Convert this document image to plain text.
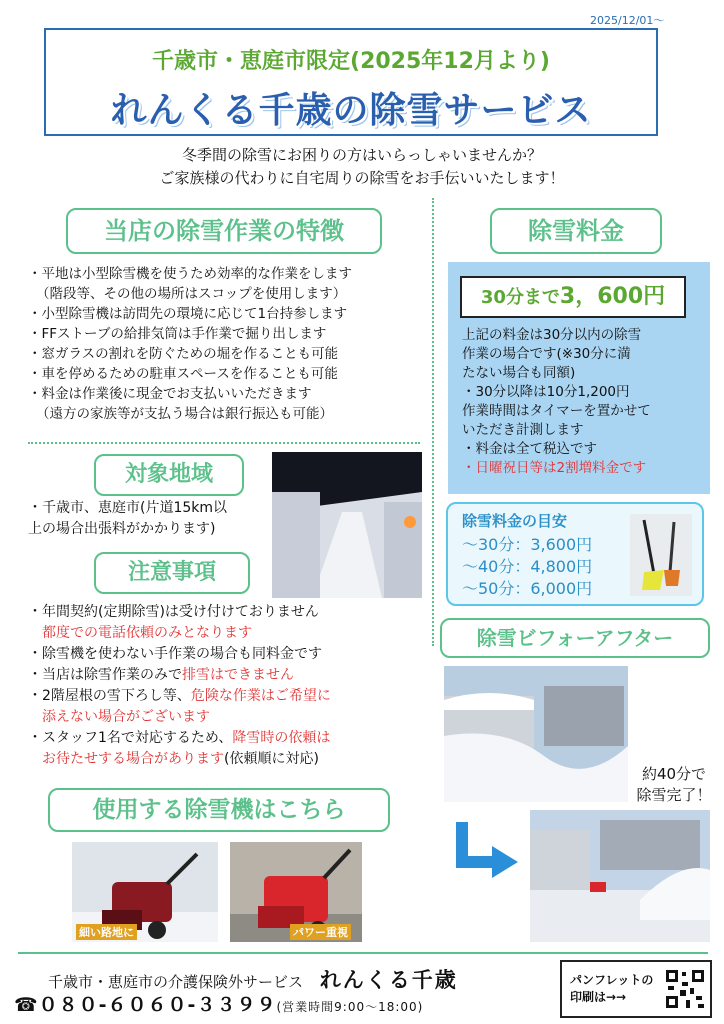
2025/12/01～
千歳市・恵庭市限定(2025年12月より)
れんくる千歳の除雪サービス
冬季間の除雪にお困りの方はいらっしゃいませんか？
ご家族様の代わりに自宅周りの除雪をお手伝いいたします！
当店の除雪作業の特徴
・平地は小型除雪機を使うため効率的な作業をします
（階段等、その他の場所はスコップを使用します）
・小型除雪機は訪問先の環境に応じて1台持参します
・FFストーブの給排気筒は手作業で掘り出します
・窓ガラスの割れを防ぐための堀を作ることも可能
・車を停めるための駐車スペースを作ることも可能
・料金は作業後に現金でお支払いいただきます
（遠方の家族等が支払う場合は銀行振込も可能）
対象地域
・千歳市、恵庭市(片道15km以
上の場合出張料がかかります)
注意事項
・年間契約(定期除雪)は受け付けておりません
都度での電話依頼のみとなります
・除雪機を使わない手作業の場合も同料金です
・当店は除雪作業のみで排雪はできません
・2階屋根の雪下ろし等、危険な作業はご希望に
添えない場合がございます
・スタッフ1名で対応するため、降雪時の依頼は
お待たせする場合があります(依頼順に対応)
使用する除雪機はこちら
細い路地に	パワー重視
除雪料金
30分まで3，600円
上記の料金は30分以内の除雪
作業の場合です(※30分に満
たない場合も同額)
・30分以降は10分1,200円
作業時間はタイマーを置かせて
いただき計測します
・料金は全て税込です
・日曜祝日等は2割増料金です
除雪料金の目安
～30分：3,600円
～40分：4,800円
～50分：6,000円
除雪ビフォーアフター
約40分で
除雪完了！
千歳市・恵庭市の介護保険外サービス れんくる千歳
☎０８０-６０６０-３３９９(営業時間9:00～18:00)
パンフレットの
印刷は→→
